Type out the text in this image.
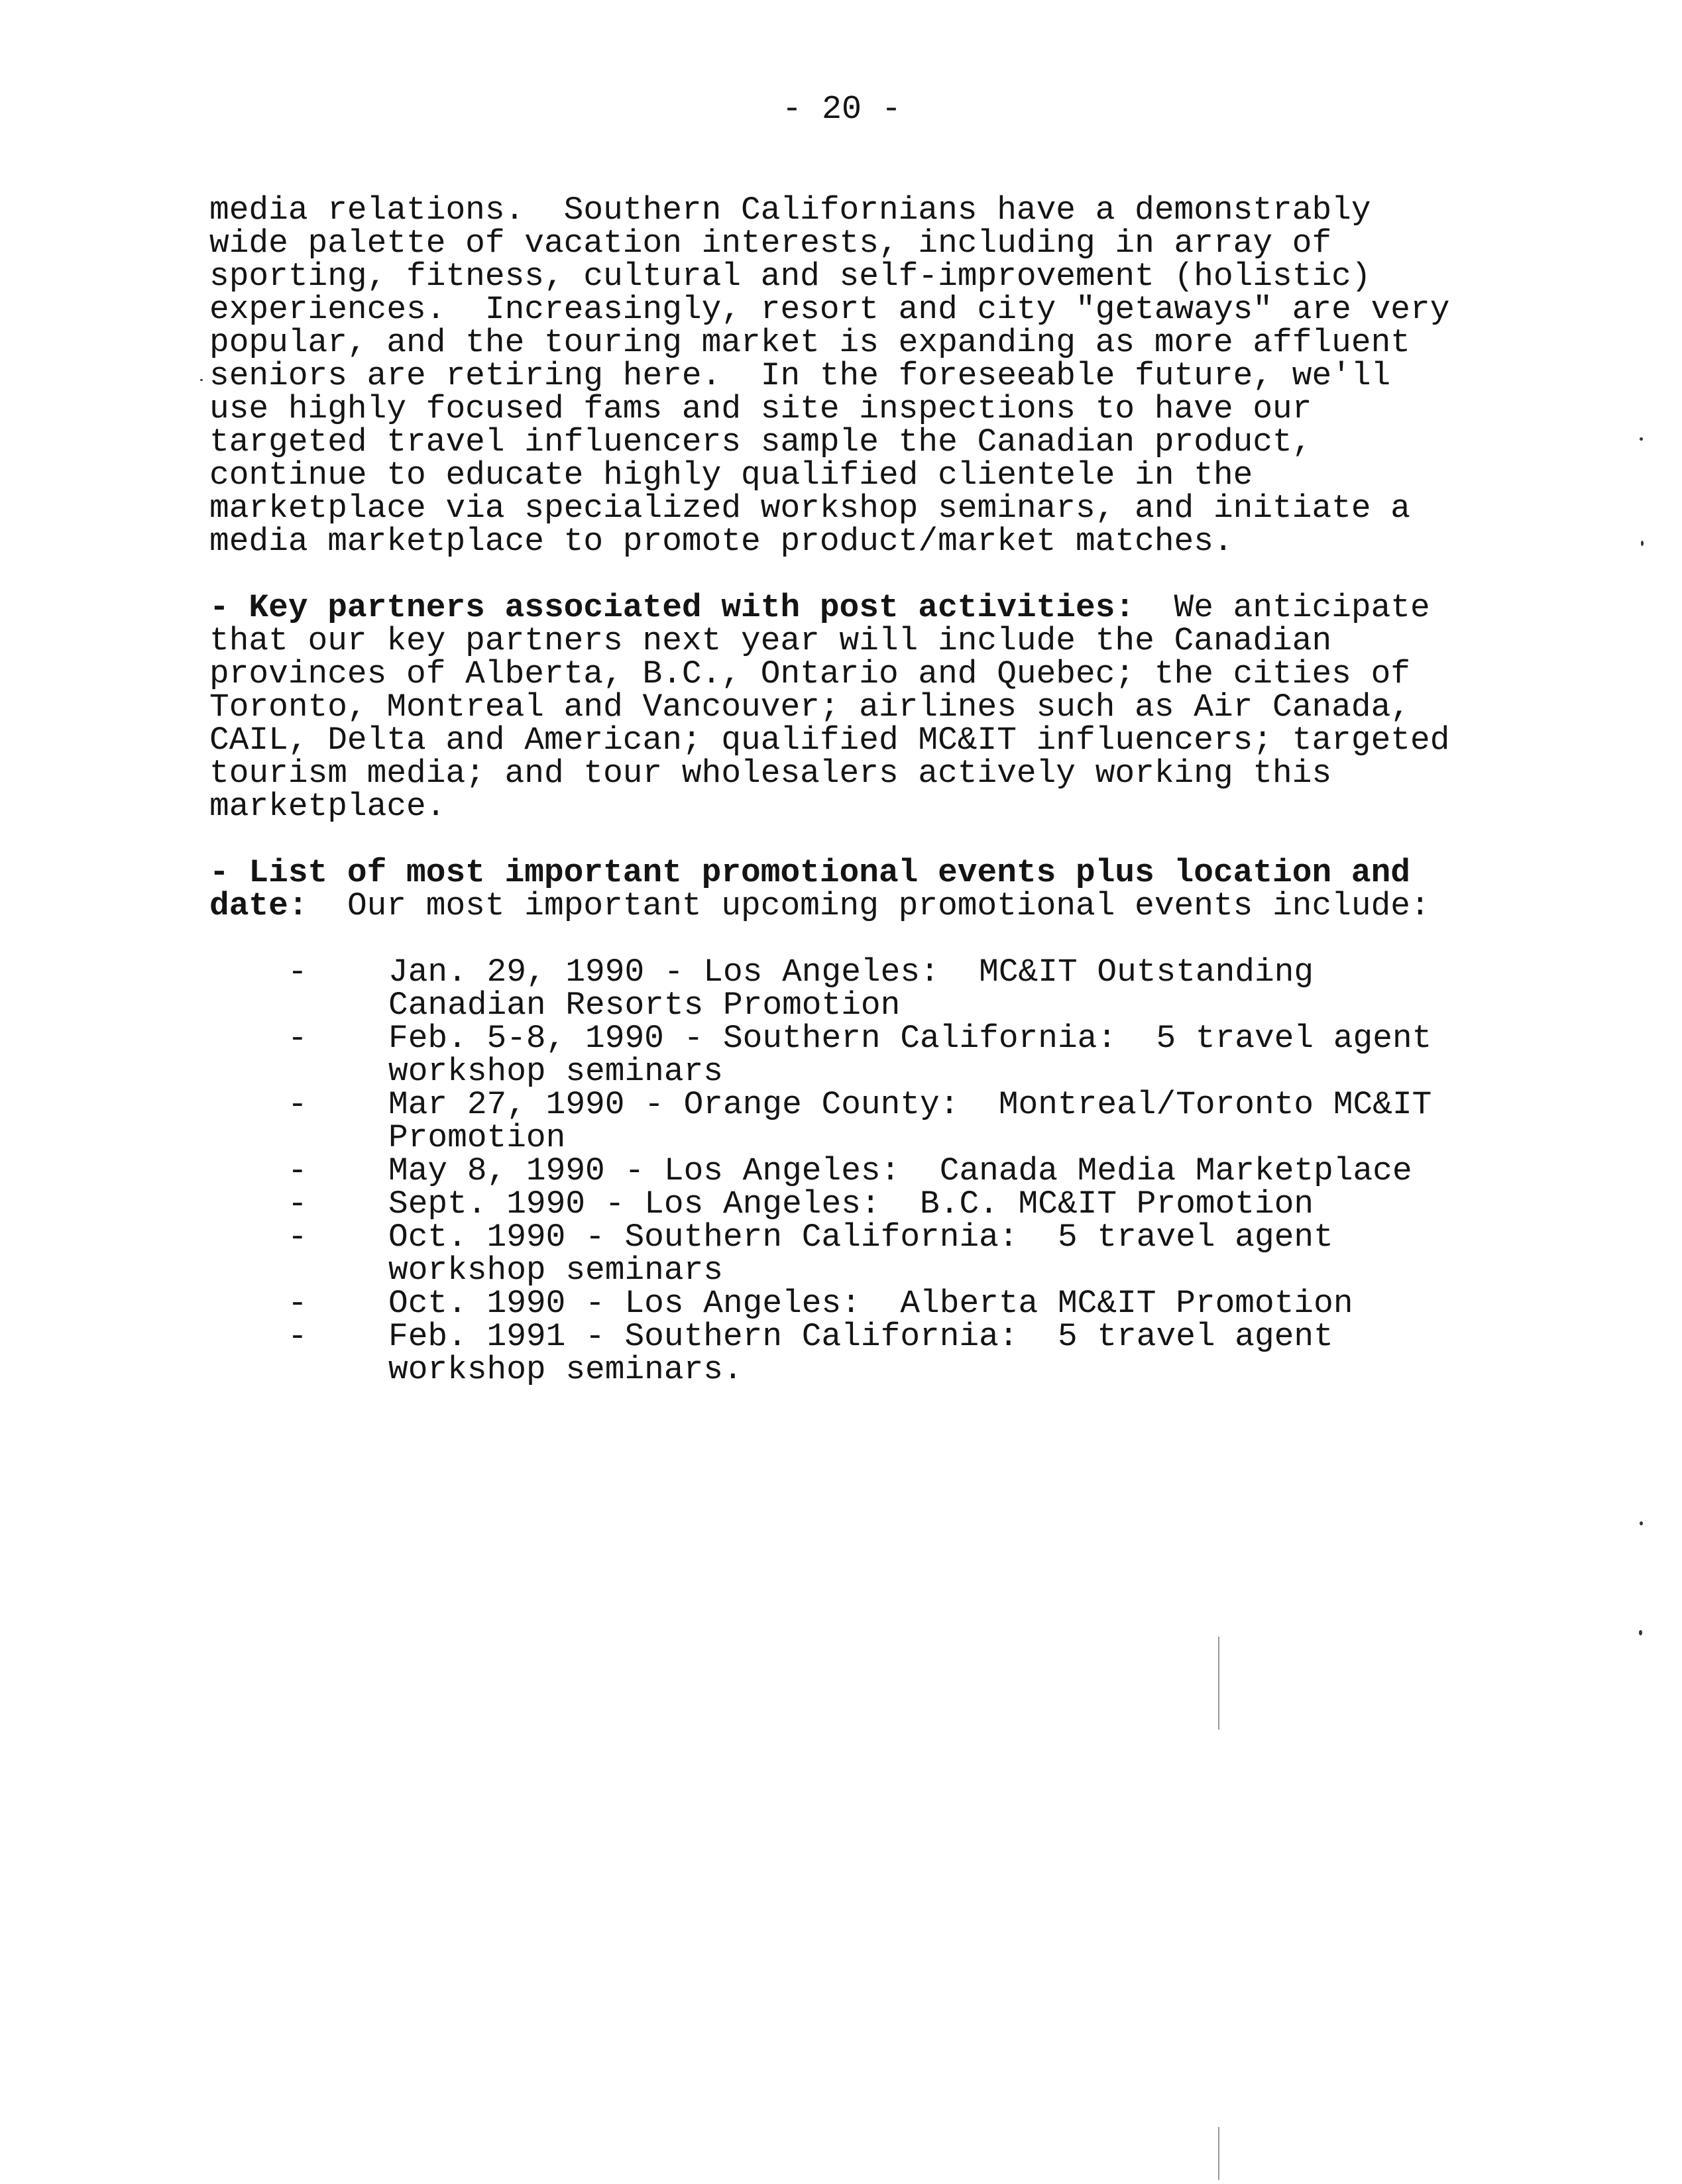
- 20 -

media relations.  Southern Californians have a demonstrably
wide palette of vacation interests, including in array of
sporting, fitness, cultural and self-improvement (holistic)
experiences.  Increasingly, resort and city "getaways" are very
popular, and the touring market is expanding as more affluent
seniors are retiring here.  In the foreseeable future, we'll
use highly focused fams and site inspections to have our
targeted travel influencers sample the Canadian product,
continue to educate highly qualified clientele in the
marketplace via specialized workshop seminars, and initiate a
media marketplace to promote product/market matches.

- Key partners associated with post activities:  We anticipate
that our key partners next year will include the Canadian
provinces of Alberta, B.C., Ontario and Quebec; the cities of
Toronto, Montreal and Vancouver; airlines such as Air Canada,
CAIL, Delta and American; qualified MC&IT influencers; targeted
tourism media; and tour wholesalers actively working this
marketplace.

- List of most important promotional events plus location and
date:  Our most important upcoming promotional events include:

-	Jan. 29, 1990 - Los Angeles:  MC&IT Outstanding
Canadian Resorts Promotion
-	Feb. 5-8, 1990 - Southern California:  5 travel agent
workshop seminars
-	Mar 27, 1990 - Orange County:  Montreal/Toronto MC&IT
Promotion
-	May 8, 1990 - Los Angeles:  Canada Media Marketplace
-	Sept. 1990 - Los Angeles:  B.C. MC&IT Promotion
-	Oct. 1990 - Southern California:  5 travel agent
workshop seminars
-	Oct. 1990 - Los Angeles:  Alberta MC&IT Promotion
-	Feb. 1991 - Southern California:  5 travel agent
workshop seminars.
